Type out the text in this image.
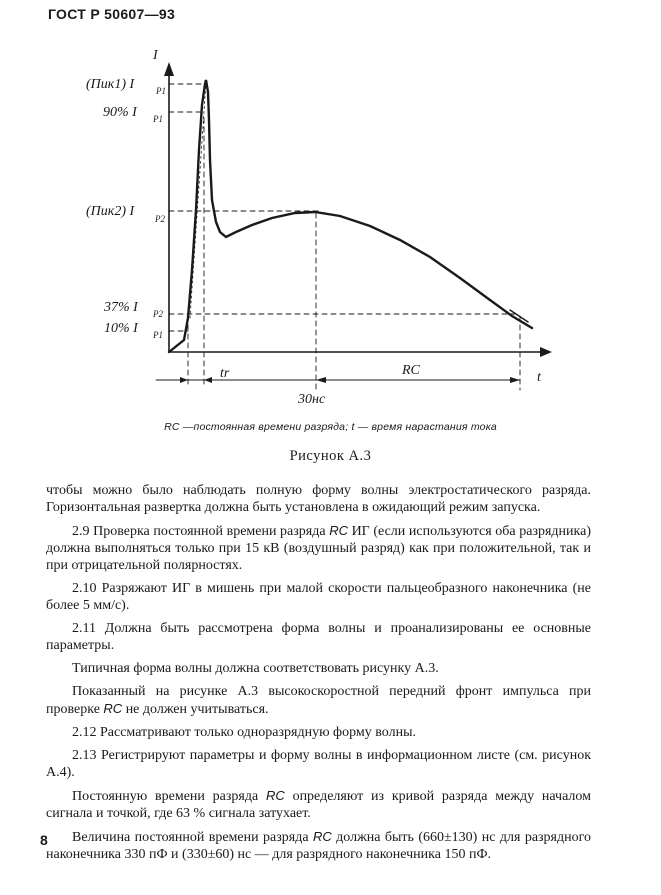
ГОСТ Р 50607—93
I
t
(Пик1) I P1
90% I P1
(Пик2) I P2
37% I P2
10% I P1
tr
30нс
RC
RC —постоянная времени разряда; t — время нарастания тока
Рисунок А.3

чтобы можно было наблюдать полную форму волны электростатического разряда. Горизонтальная развертка должна быть установлена в ожидающий режим запуска.

2.9 Проверка постоянной времени разряда RC ИГ (если используются оба разрядника) должна выполняться только при 15 кВ (воздушный разряд) как при положительной, так и при отрицательной полярностях.

2.10 Разряжают ИГ в мишень при малой скорости пальцеобразного наконечника (не более 5 мм/с).

2.11 Должна быть рассмотрена форма волны и проанализированы ее основные параметры.

Типичная форма волны должна соответствовать рисунку А.3.

Показанный на рисунке А.3 высокоскоростной передний фронт импульса при проверке RC не должен учитываться.

2.12 Рассматривают только одноразрядную форму волны.

2.13 Регистрируют параметры и форму волны в информационном листе (см. рисунок А.4).

Постоянную времени разряда RC определяют из кривой разряда между началом сигнала и точкой, где 63 % сигнала затухает.

Величина постоянной времени разряда RC должна быть (660±130) нс для разрядного наконечника 330 пФ и (330±60) нс — для разрядного наконечника 150 пФ.

8
